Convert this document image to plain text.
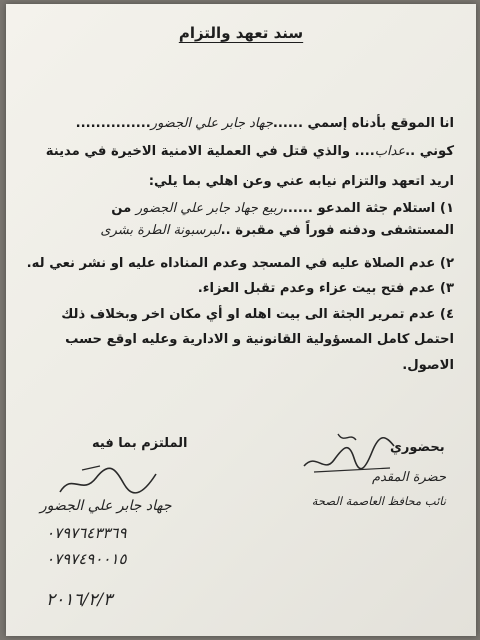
سند تعهد والتزام
انا الموقع بأدناه إسمي ......جهاد جابر علي الجضور...............
كوني ..عداب.... والذي قتل في العملية الامنية الاخيرة في مدينة
اريد اتعهد والتزام نيابه عني وعن اهلي بما يلي:
١) استلام جثة المدعو ......ربيع جهاد جابر علي الجضور من
المستشفى ودفنه فوراً في مقبرة ..لبرسبونة الطرة بشرى
٢) عدم الصلاة عليه في المسجد وعدم المناداه عليه او نشر نعي له.
٣) عدم فتح بيت عزاء وعدم تقبل العزاء.
٤) عدم تمرير الجثة الى بيت اهله او أي مكان اخر وبخلاف ذلك
احتمل كامل المسؤولية القانونية و الادارية وعليه اوقع حسب
الاصول.
الملتزم بما فيه	بحضوري
حضرة المقدم
نائب محافظ العاصمة الصحة
جهاد جابر علي الجضور
٠٧٩٧٦٤٣٣٦٩
٠٧٩٧٤٩٠٠١٥
٢٠١٦/٢/٣
